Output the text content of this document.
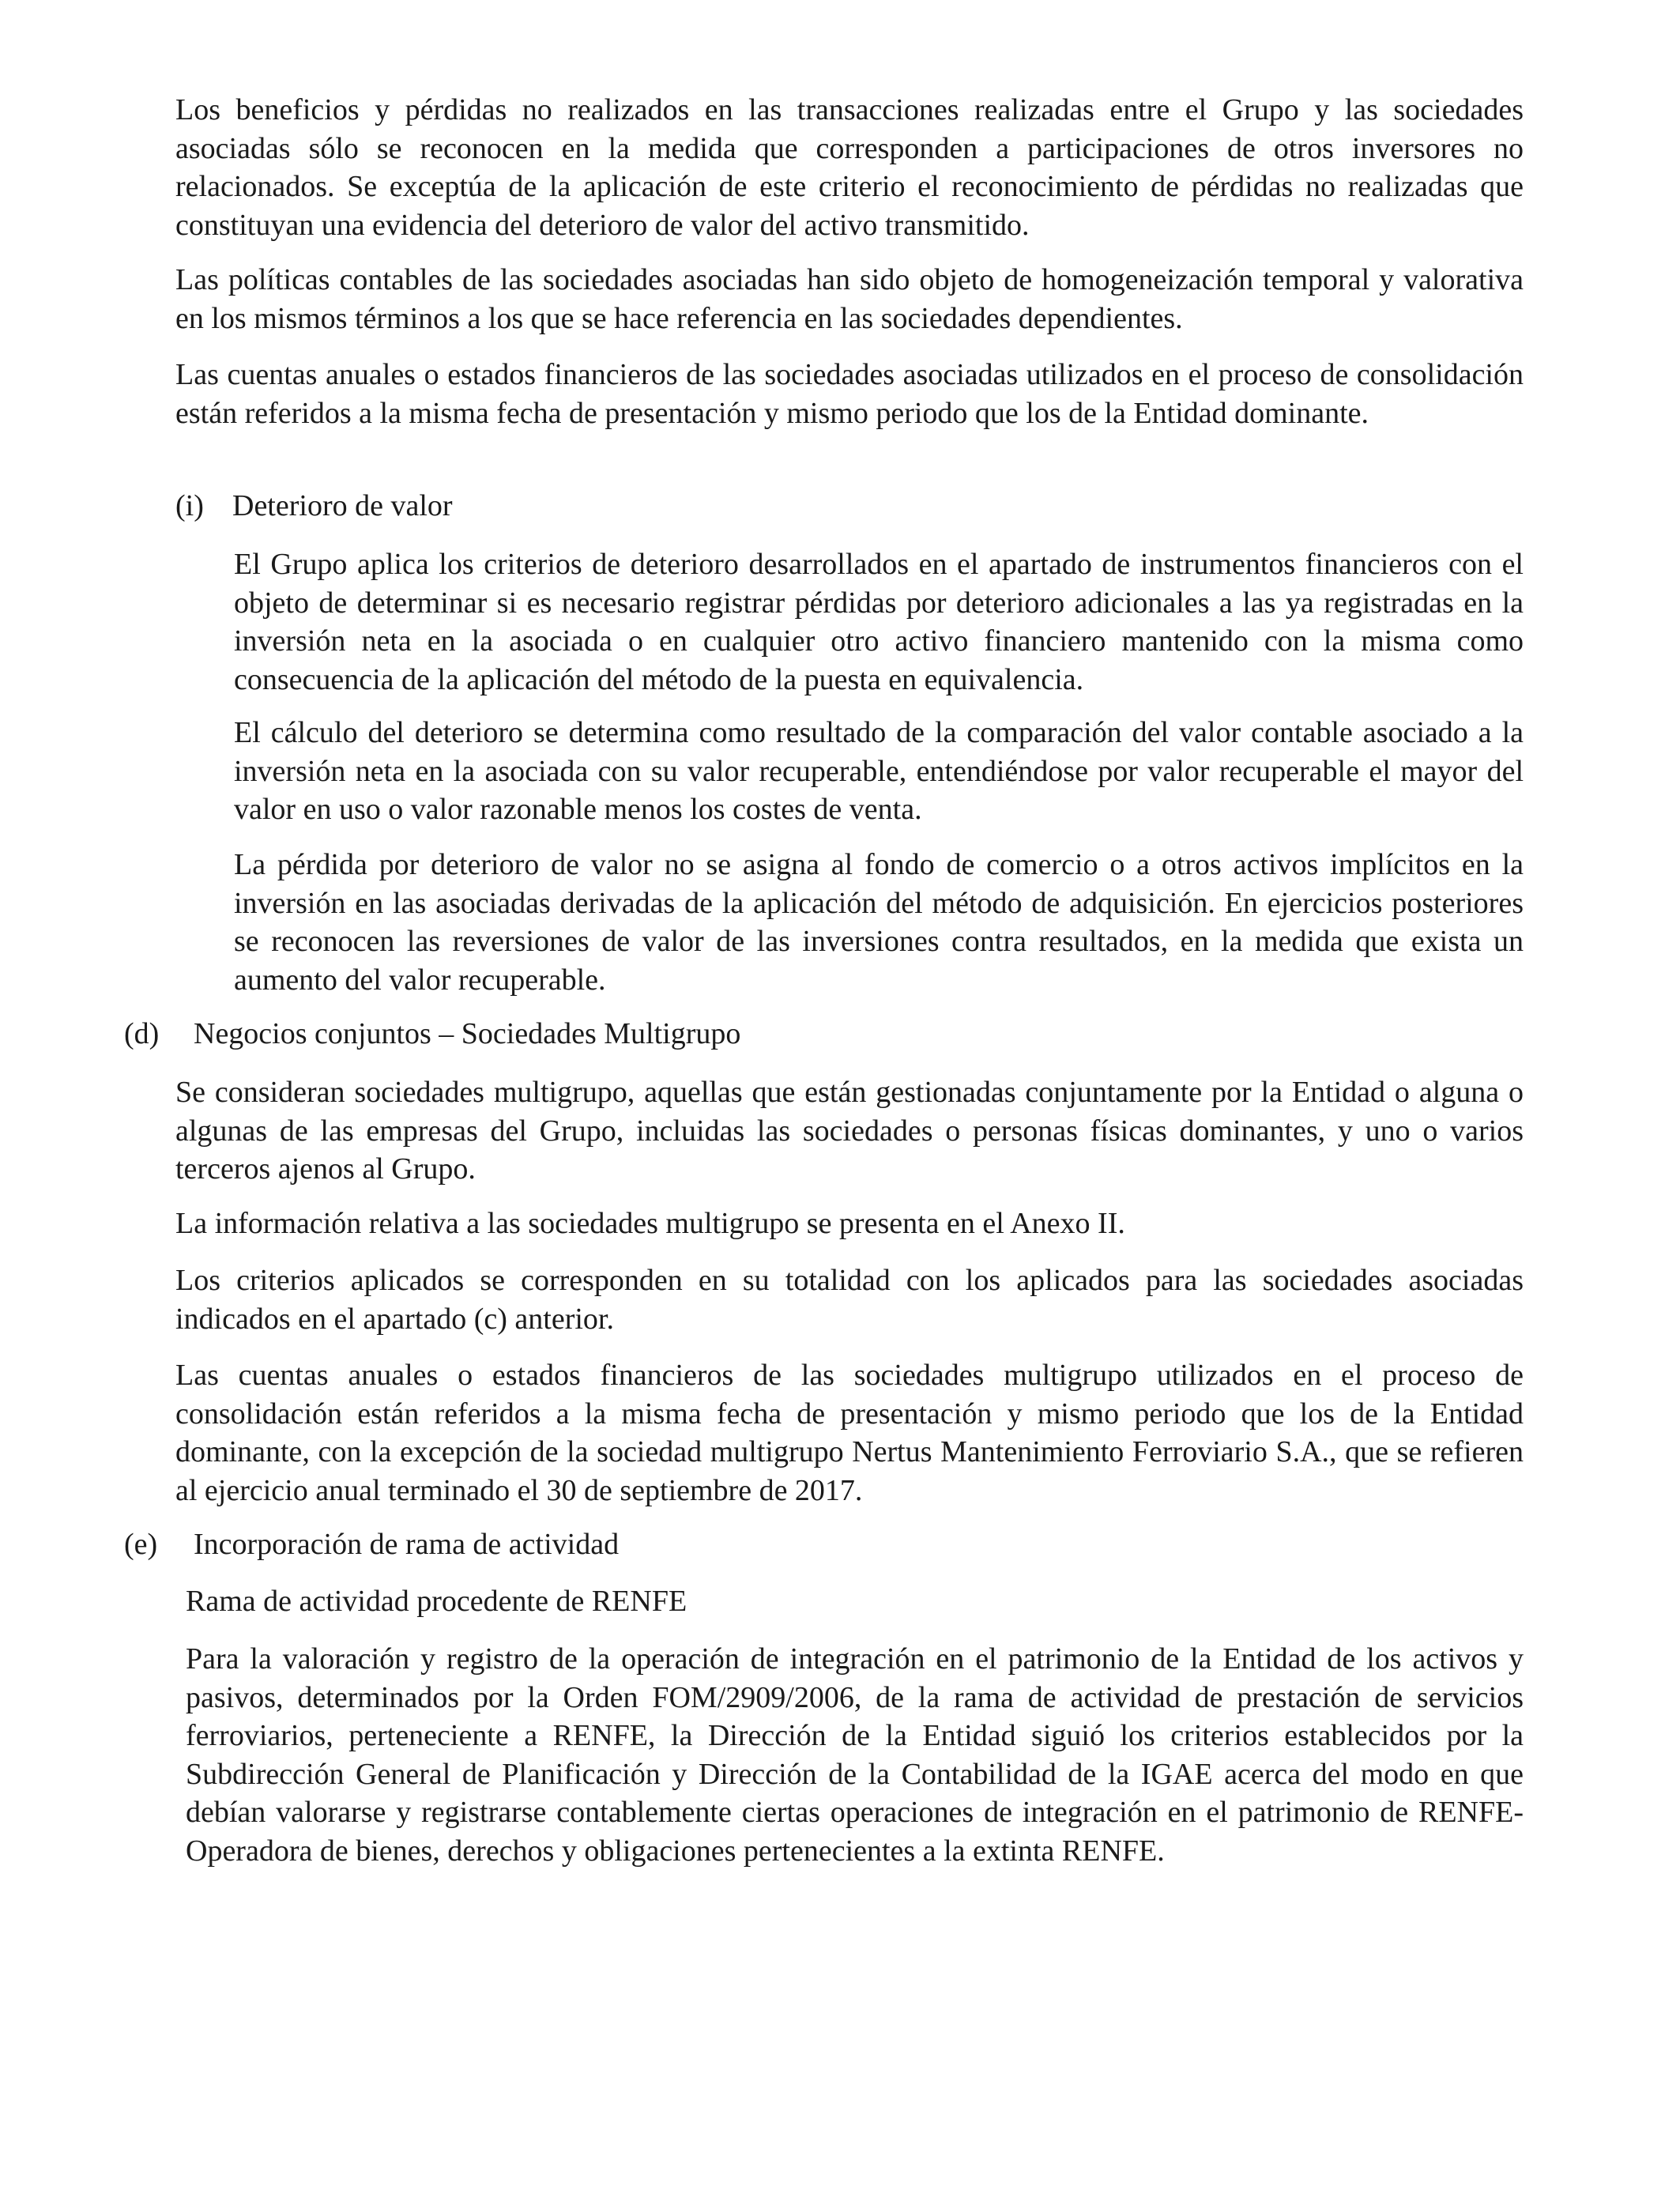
Los beneficios y pérdidas no realizados en las transacciones realizadas entre el Grupo y las sociedades asociadas sólo se reconocen en la medida que corresponden a participaciones de otros inversores no relacionados. Se exceptúa de la aplicación de este criterio el reconocimiento de pérdidas no realizadas que constituyan una evidencia del deterioro de valor del activo transmitido.

Las políticas contables de las sociedades asociadas han sido objeto de homogeneización temporal y valorativa en los mismos términos a los que se hace referencia en las sociedades dependientes.

Las cuentas anuales o estados financieros de las sociedades asociadas utilizados en el proceso de consolidación están referidos a la misma fecha de presentación y mismo periodo que los de la Entidad dominante.

(i) Deterioro de valor

El Grupo aplica los criterios de deterioro desarrollados en el apartado de instrumentos financieros con el objeto de determinar si es necesario registrar pérdidas por deterioro adicionales a las ya registradas en la inversión neta en la asociada o en cualquier otro activo financiero mantenido con la misma como consecuencia de la aplicación del método de la puesta en equivalencia.

El cálculo del deterioro se determina como resultado de la comparación del valor contable asociado a la inversión neta en la asociada con su valor recuperable, entendiéndose por valor recuperable el mayor del valor en uso o valor razonable menos los costes de venta.

La pérdida por deterioro de valor no se asigna al fondo de comercio o a otros activos implícitos en la inversión en las asociadas derivadas de la aplicación del método de adquisición. En ejercicios posteriores se reconocen las reversiones de valor de las inversiones contra resultados, en la medida que exista un aumento del valor recuperable.

(d) Negocios conjuntos – Sociedades Multigrupo

Se consideran sociedades multigrupo, aquellas que están gestionadas conjuntamente por la Entidad o alguna o algunas de las empresas del Grupo, incluidas las sociedades o personas físicas dominantes, y uno o varios terceros ajenos al Grupo.

La información relativa a las sociedades multigrupo se presenta en el Anexo II.

Los criterios aplicados se corresponden en su totalidad con los aplicados para las sociedades asociadas indicados en el apartado (c) anterior.

Las cuentas anuales o estados financieros de las sociedades multigrupo utilizados en el proceso de consolidación están referidos a la misma fecha de presentación y mismo periodo que los de la Entidad dominante, con la excepción de la sociedad multigrupo Nertus Mantenimiento Ferroviario S.A., que se refieren al ejercicio anual terminado el 30 de septiembre de 2017.

(e) Incorporación de rama de actividad
Rama de actividad procedente de RENFE

Para la valoración y registro de la operación de integración en el patrimonio de la Entidad de los activos y pasivos, determinados por la Orden FOM/2909/2006, de la rama de actividad de prestación de servicios ferroviarios, perteneciente a RENFE, la Dirección de la Entidad siguió los criterios establecidos por la Subdirección General de Planificación y Dirección de la Contabilidad de la IGAE acerca del modo en que debían valorarse y registrarse contablemente ciertas operaciones de integración en el patrimonio de RENFE-Operadora de bienes, derechos y obligaciones pertenecientes a la extinta RENFE.
